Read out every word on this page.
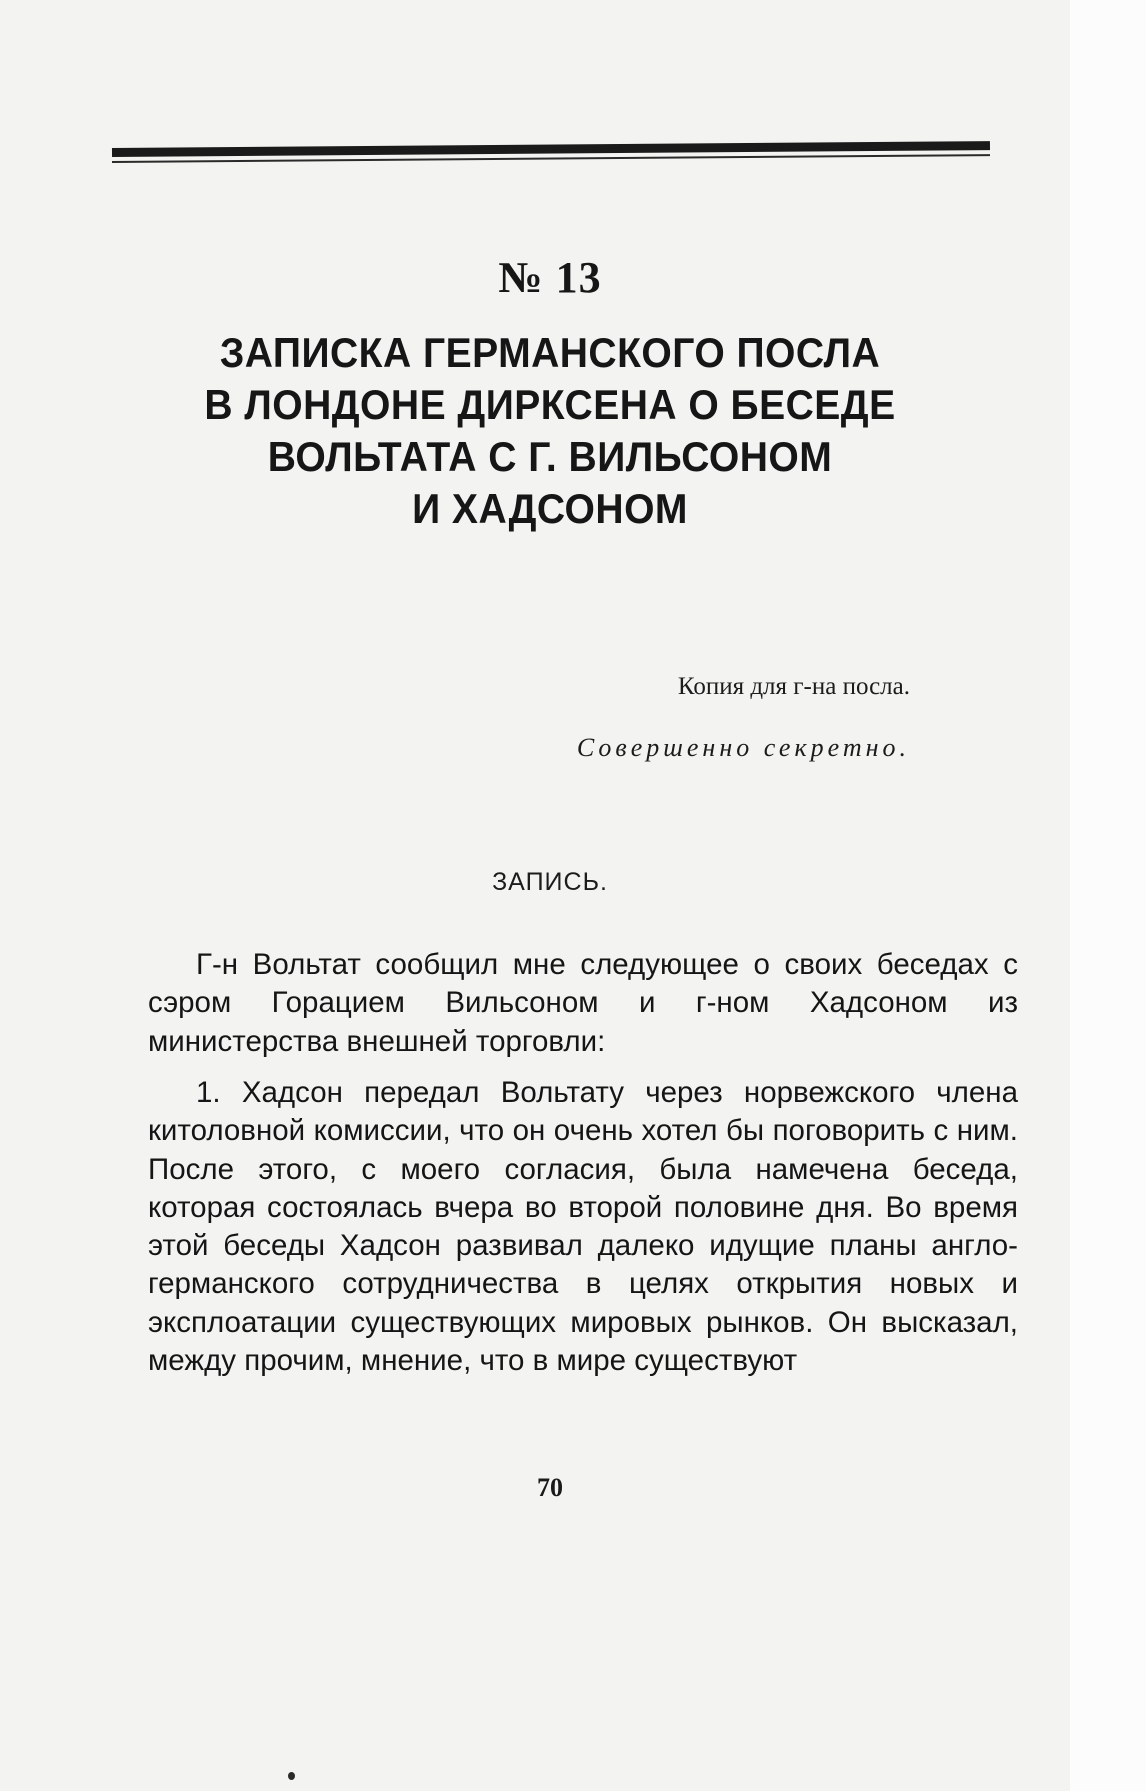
№ 13
ЗАПИСКА ГЕРМАНСКОГО ПОСЛА
В ЛОНДОНЕ ДИРКСЕНА О БЕСЕДЕ
ВОЛЬТАТА С Г. ВИЛЬСОНОМ
И ХАДСОНОМ
Копия для г-на посла.
Совершенно секретно.
ЗАПИСЬ.
Г-н Вольтат сообщил мне следующее о своих беседах с сэром Горацием Вильсоном и г-ном Хадсоном из министерства внешней торговли:
1. Хадсон передал Вольтату через норвежского члена китоловной комиссии, что он очень хотел бы поговорить с ним. После этого, с моего согласия, была намечена беседа, которая состоялась вчера во второй половине дня. Во время этой беседы Хадсон развивал далеко идущие планы англо-германского сотрудничества в целях открытия новых и эксплоатации существующих мировых рынков. Он высказал, между прочим, мнение, что в мире существуют
70
